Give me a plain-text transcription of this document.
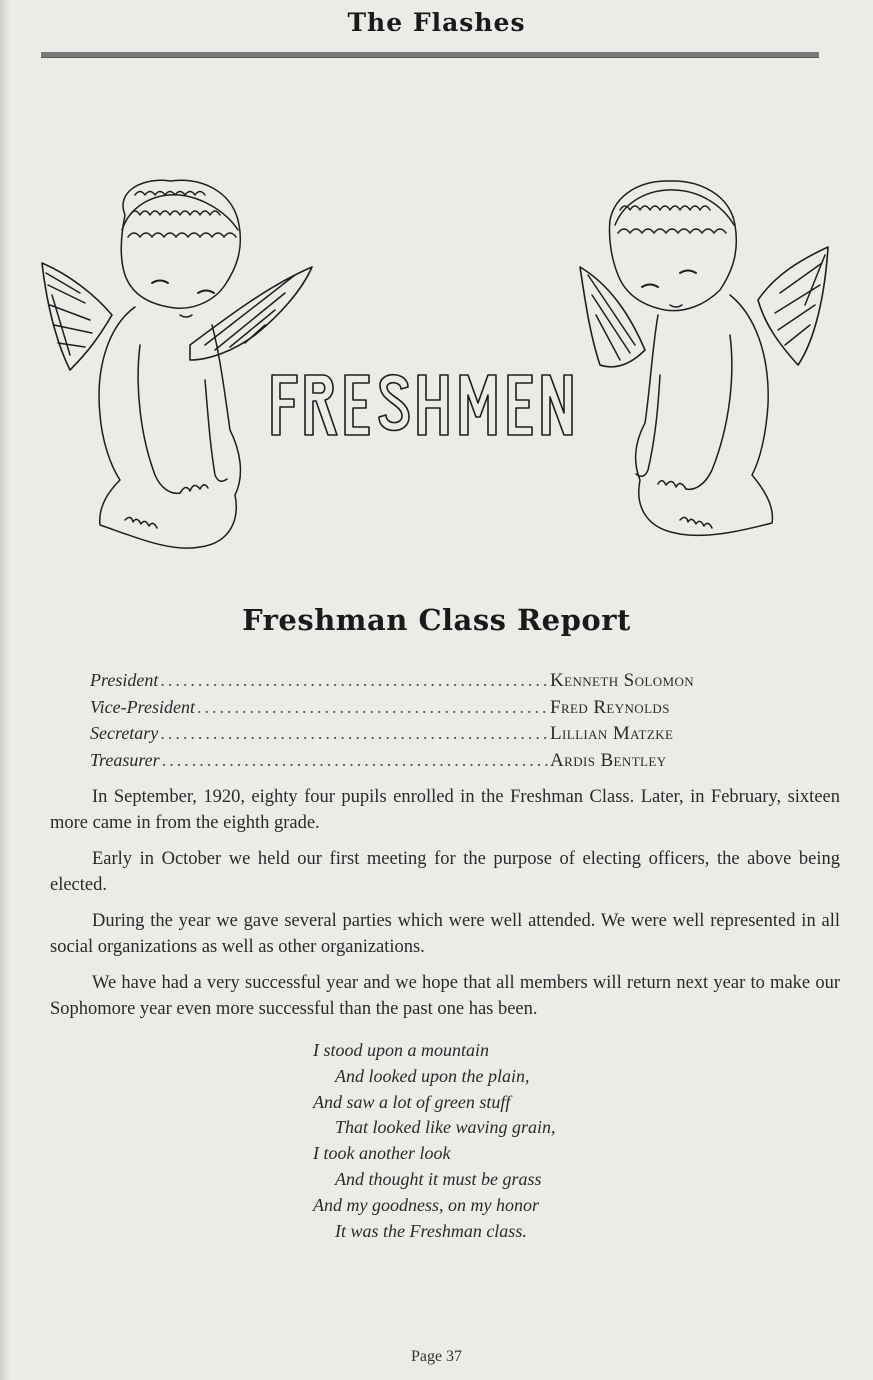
The Flashes
Freshman Class Report
President .....	Kenneth Solomon
Vice-President .....	Fred Reynolds
Secretary .....	Lillian Matzke
Treasurer .....	Ardis Bentley

In September, 1920, eighty four pupils enrolled in the Freshman Class. Later, in February, sixteen more came in from the eighth grade.

Early in October we held our first meeting for the purpose of electing officers, the above being elected.

During the year we gave several parties which were well attended. We were well represented in all social organizations as well as other organizations.

We have had a very successful year and we hope that all members will return next year to make our Sophomore year even more successful than the past one has been.

I stood upon a mountain
And looked upon the plain,
And saw a lot of green stuff
That looked like waving grain,
I took another look
And thought it must be grass
And my goodness, on my honor
It was the Freshman class.
Page 37
